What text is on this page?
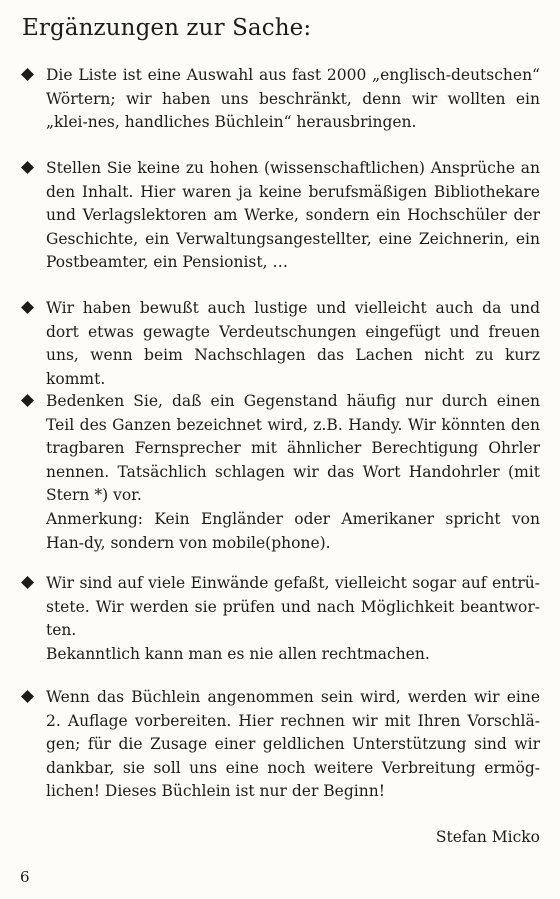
Ergänzungen zur Sache:
Die Liste ist eine Auswahl aus fast 2000 „englisch-deutschen“ Wörtern; wir haben uns beschränkt, denn wir wollten ein „klei-nes, handliches Büchlein“ herausbringen.
Stellen Sie keine zu hohen (wissenschaftlichen) Ansprüche an den Inhalt. Hier waren ja keine berufsmäßigen Bibliothekare und Verlagslektoren am Werke, sondern ein Hochschüler der Geschichte, ein Verwaltungsangestellter, eine Zeichnerin, ein Postbeamter, ein Pensionist, …
Wir haben bewußt auch lustige und vielleicht auch da und dort etwas gewagte Verdeutschungen eingefügt und freuen uns, wenn beim Nachschlagen das Lachen nicht zu kurz kommt.
Bedenken Sie, daß ein Gegenstand häufig nur durch einen Teil des Ganzen bezeichnet wird, z.B. Handy. Wir könnten den tragbaren Fernsprecher mit ähnlicher Berechtigung Ohrler nennen. Tatsächlich schlagen wir das Wort Handohrler (mit Stern *) vor.
Anmerkung: Kein Engländer oder Amerikaner spricht von Han-dy, sondern von mobile(phone).
Wir sind auf viele Einwände gefaßt, vielleicht sogar auf entrü-stete. Wir werden sie prüfen und nach Möglichkeit beantwor-ten.
Bekanntlich kann man es nie allen rechtmachen.
Wenn das Büchlein angenommen sein wird, werden wir eine 2. Auflage vorbereiten. Hier rechnen wir mit Ihren Vorschlä-gen; für die Zusage einer geldlichen Unterstützung sind wir dankbar, sie soll uns eine noch weitere Verbreitung ermög-lichen! Dieses Büchlein ist nur der Beginn!
Stefan Micko
6
